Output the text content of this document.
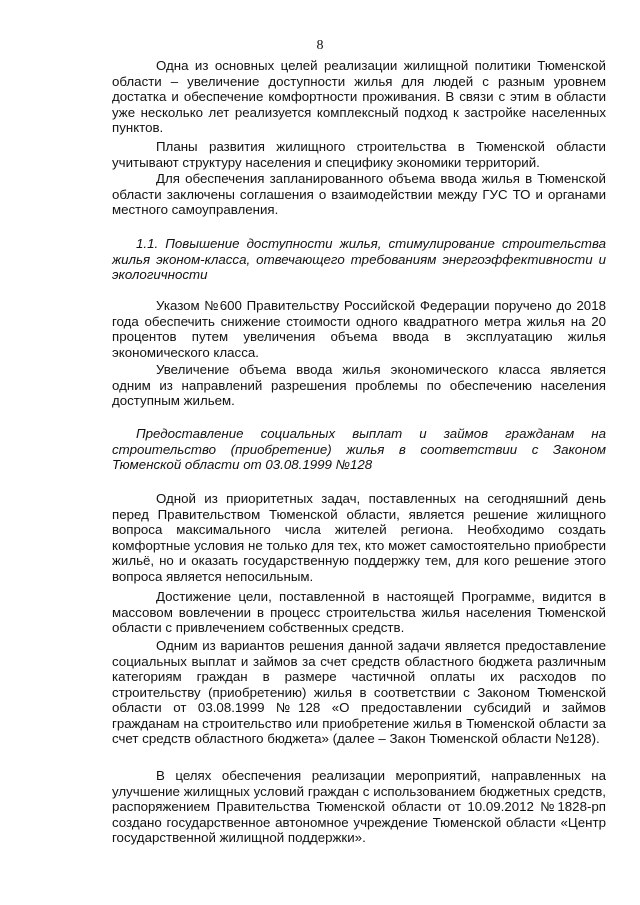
8

Одна из основных целей реализации жилищной политики Тюменской области – увеличение доступности жилья для людей с разным уровнем достатка и обеспечение комфортности проживания. В связи с этим в области уже несколько лет реализуется комплексный подход к застройке населенных пунктов.

Планы развития жилищного строительства в Тюменской области учитывают структуру населения и специфику экономики территорий.

Для обеспечения запланированного объема ввода жилья в Тюменской области заключены соглашения о взаимодействии между ГУС ТО и органами местного самоуправления.

1.1. Повышение доступности жилья, стимулирование строительства жилья эконом-класса, отвечающего требованиям энергоэффективности и экологичности

Указом №600 Правительству Российской Федерации поручено до 2018 года обеспечить снижение стоимости одного квадратного метра жилья на 20 процентов путем увеличения объема ввода в эксплуатацию жилья экономического класса.

Увеличение объема ввода жилья экономического класса является одним из направлений разрешения проблемы по обеспечению населения доступным жильем.

Предоставление социальных выплат и займов гражданам на строительство (приобретение) жилья в соответствии с Законом Тюменской области от 03.08.1999 №128

Одной из приоритетных задач, поставленных на сегодняшний день перед Правительством Тюменской области, является решение жилищного вопроса максимального числа жителей региона. Необходимо создать комфортные условия не только для тех, кто может самостоятельно приобрести жильё, но и оказать государственную поддержку тем, для кого решение этого вопроса является непосильным.

Достижение цели, поставленной в настоящей Программе, видится в массовом вовлечении в процесс строительства жилья населения Тюменской области с привлечением собственных средств.

Одним из вариантов решения данной задачи является предоставление социальных выплат и займов за счет средств областного бюджета различным категориям граждан в размере частичной оплаты их расходов по строительству (приобретению) жилья в соответствии с Законом Тюменской области от 03.08.1999 №128 «О предоставлении субсидий и займов гражданам на строительство или приобретение жилья в Тюменской области за счет средств областного бюджета» (далее – Закон Тюменской области №128).

В целях обеспечения реализации мероприятий, направленных на улучшение жилищных условий граждан с использованием бюджетных средств, распоряжением Правительства Тюменской области от 10.09.2012 №1828-рп создано государственное автономное учреждение Тюменской области «Центр государственной жилищной поддержки».
